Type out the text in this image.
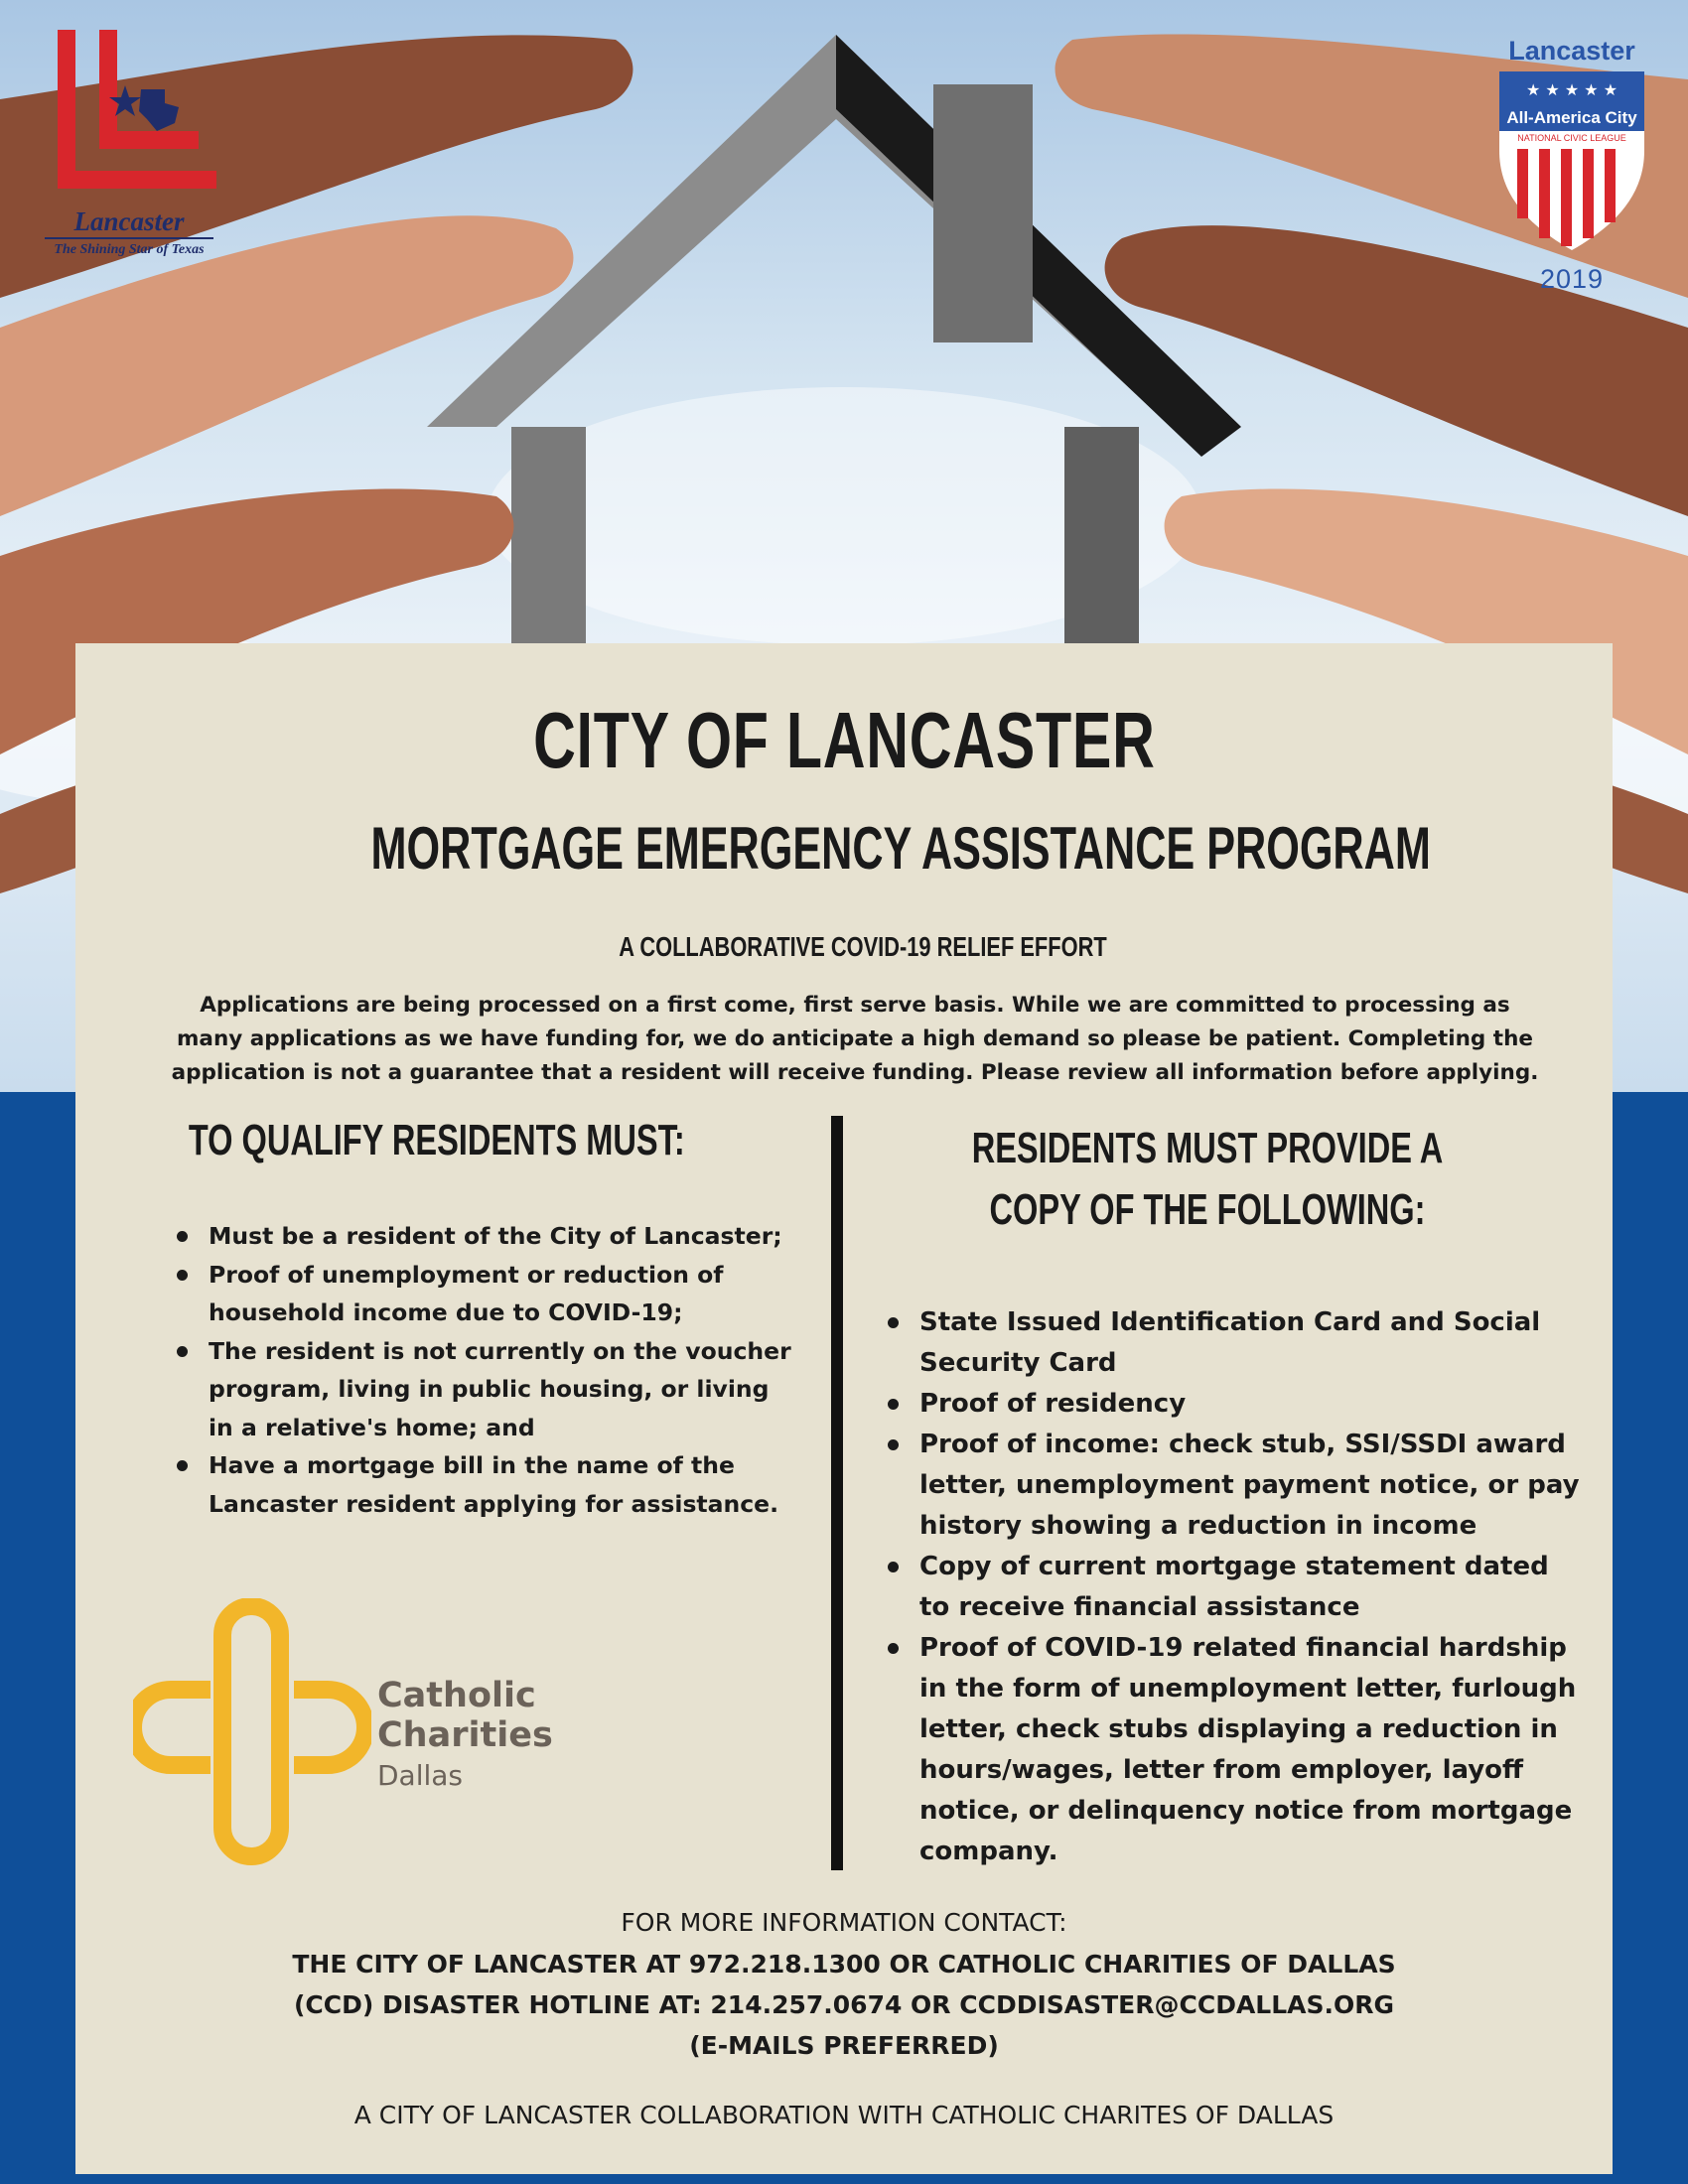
Lancaster
The Shining Star of Texas
Lancaster
★ ★ ★ ★ ★
All-America City
NATIONAL CIVIC LEAGUE
2019
CITY OF LANCASTER
MORTGAGE EMERGENCY ASSISTANCE PROGRAM
A COLLABORATIVE COVID-19 RELIEF EFFORT
Applications are being processed on a first come, first serve basis. While we are committed to processing as many applications as we have funding for, we do anticipate a high demand so please be patient. Completing the application is not a guarantee that a resident will receive funding. Please review all information before applying.
TO QUALIFY RESIDENTS MUST:	RESIDENTS MUST PROVIDE A COPY OF THE FOLLOWING:
Must be a resident of the City of Lancaster;
Proof of unemployment or reduction of household income due to COVID-19;
The resident is not currently on the voucher program, living in public housing, or living in a relative's home; and
Have a mortgage bill in the name of the Lancaster resident applying for assistance.
State Issued Identification Card and Social Security Card
Proof of residency
Proof of income: check stub, SSI/SSDI award letter, unemployment payment notice, or pay history showing a reduction in income
Copy of current mortgage statement dated to receive financial assistance
Proof of COVID-19 related financial hardship in the form of unemployment letter, furlough letter, check stubs displaying a reduction in hours/wages, letter from employer, layoff notice, or delinquency notice from mortgage company.
Catholic
Charities
Dallas
FOR MORE INFORMATION CONTACT:
THE CITY OF LANCASTER AT 972.218.1300 OR CATHOLIC CHARITIES OF DALLAS (CCD) DISASTER HOTLINE AT: 214.257.0674 OR CCDDISASTER@CCDALLAS.ORG (E-MAILS PREFERRED)
A CITY OF LANCASTER COLLABORATION WITH CATHOLIC CHARITES OF DALLAS
